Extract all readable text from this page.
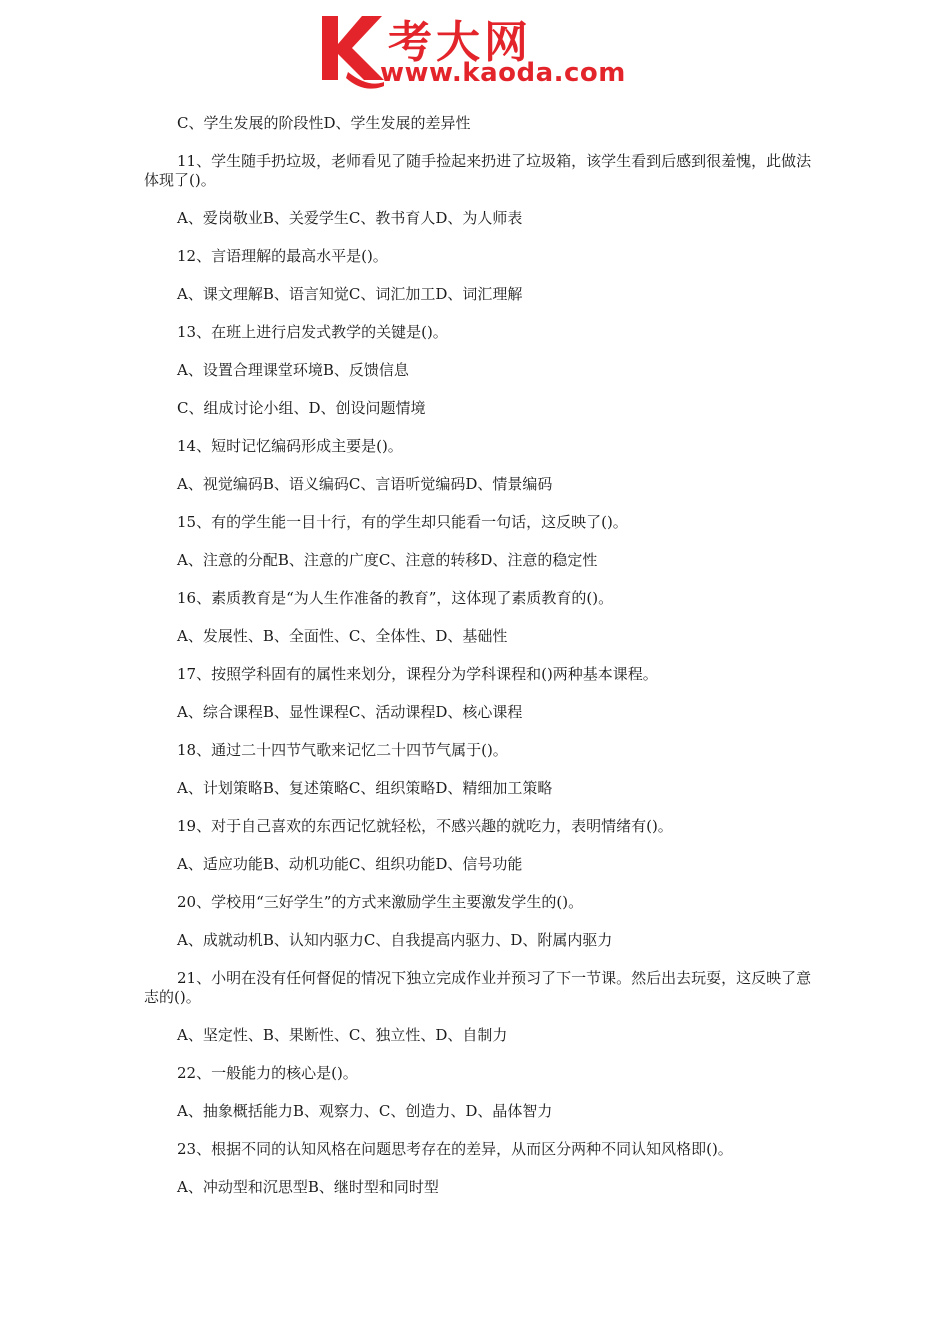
考大网
www.kaoda.com

C、学生发展的阶段性D、学生发展的差异性

11、学生随手扔垃圾，老师看见了随手捡起来扔进了垃圾箱，该学生看到后感到很羞愧，此做法体现了()。

A、爱岗敬业B、关爱学生C、教书育人D、为人师表

12、言语理解的最高水平是()。

A、课文理解B、语言知觉C、词汇加工D、词汇理解

13、在班上进行启发式教学的关键是()。

A、设置合理课堂环境B、反馈信息

C、组成讨论小组、D、创设问题情境

14、短时记忆编码形成主要是()。

A、视觉编码B、语义编码C、言语听觉编码D、情景编码

15、有的学生能一目十行，有的学生却只能看一句话，这反映了()。

A、注意的分配B、注意的广度C、注意的转移D、注意的稳定性

16、素质教育是“为人生作准备的教育”，这体现了素质教育的()。

A、发展性、B、全面性、C、全体性、D、基础性

17、按照学科固有的属性来划分，课程分为学科课程和()两种基本课程。

A、综合课程B、显性课程C、活动课程D、核心课程

18、通过二十四节气歌来记忆二十四节气属于()。

A、计划策略B、复述策略C、组织策略D、精细加工策略

19、对于自己喜欢的东西记忆就轻松，不感兴趣的就吃力，表明情绪有()。

A、适应功能B、动机功能C、组织功能D、信号功能

20、学校用“三好学生”的方式来激励学生主要激发学生的()。

A、成就动机B、认知内驱力C、自我提高内驱力、D、附属内驱力

21、小明在没有任何督促的情况下独立完成作业并预习了下一节课。然后出去玩耍，这反映了意志的()。

A、坚定性、B、果断性、C、独立性、D、自制力

22、一般能力的核心是()。

A、抽象概括能力B、观察力、C、创造力、D、晶体智力

23、根据不同的认知风格在问题思考存在的差异，从而区分两种不同认知风格即()。

A、冲动型和沉思型B、继时型和同时型
